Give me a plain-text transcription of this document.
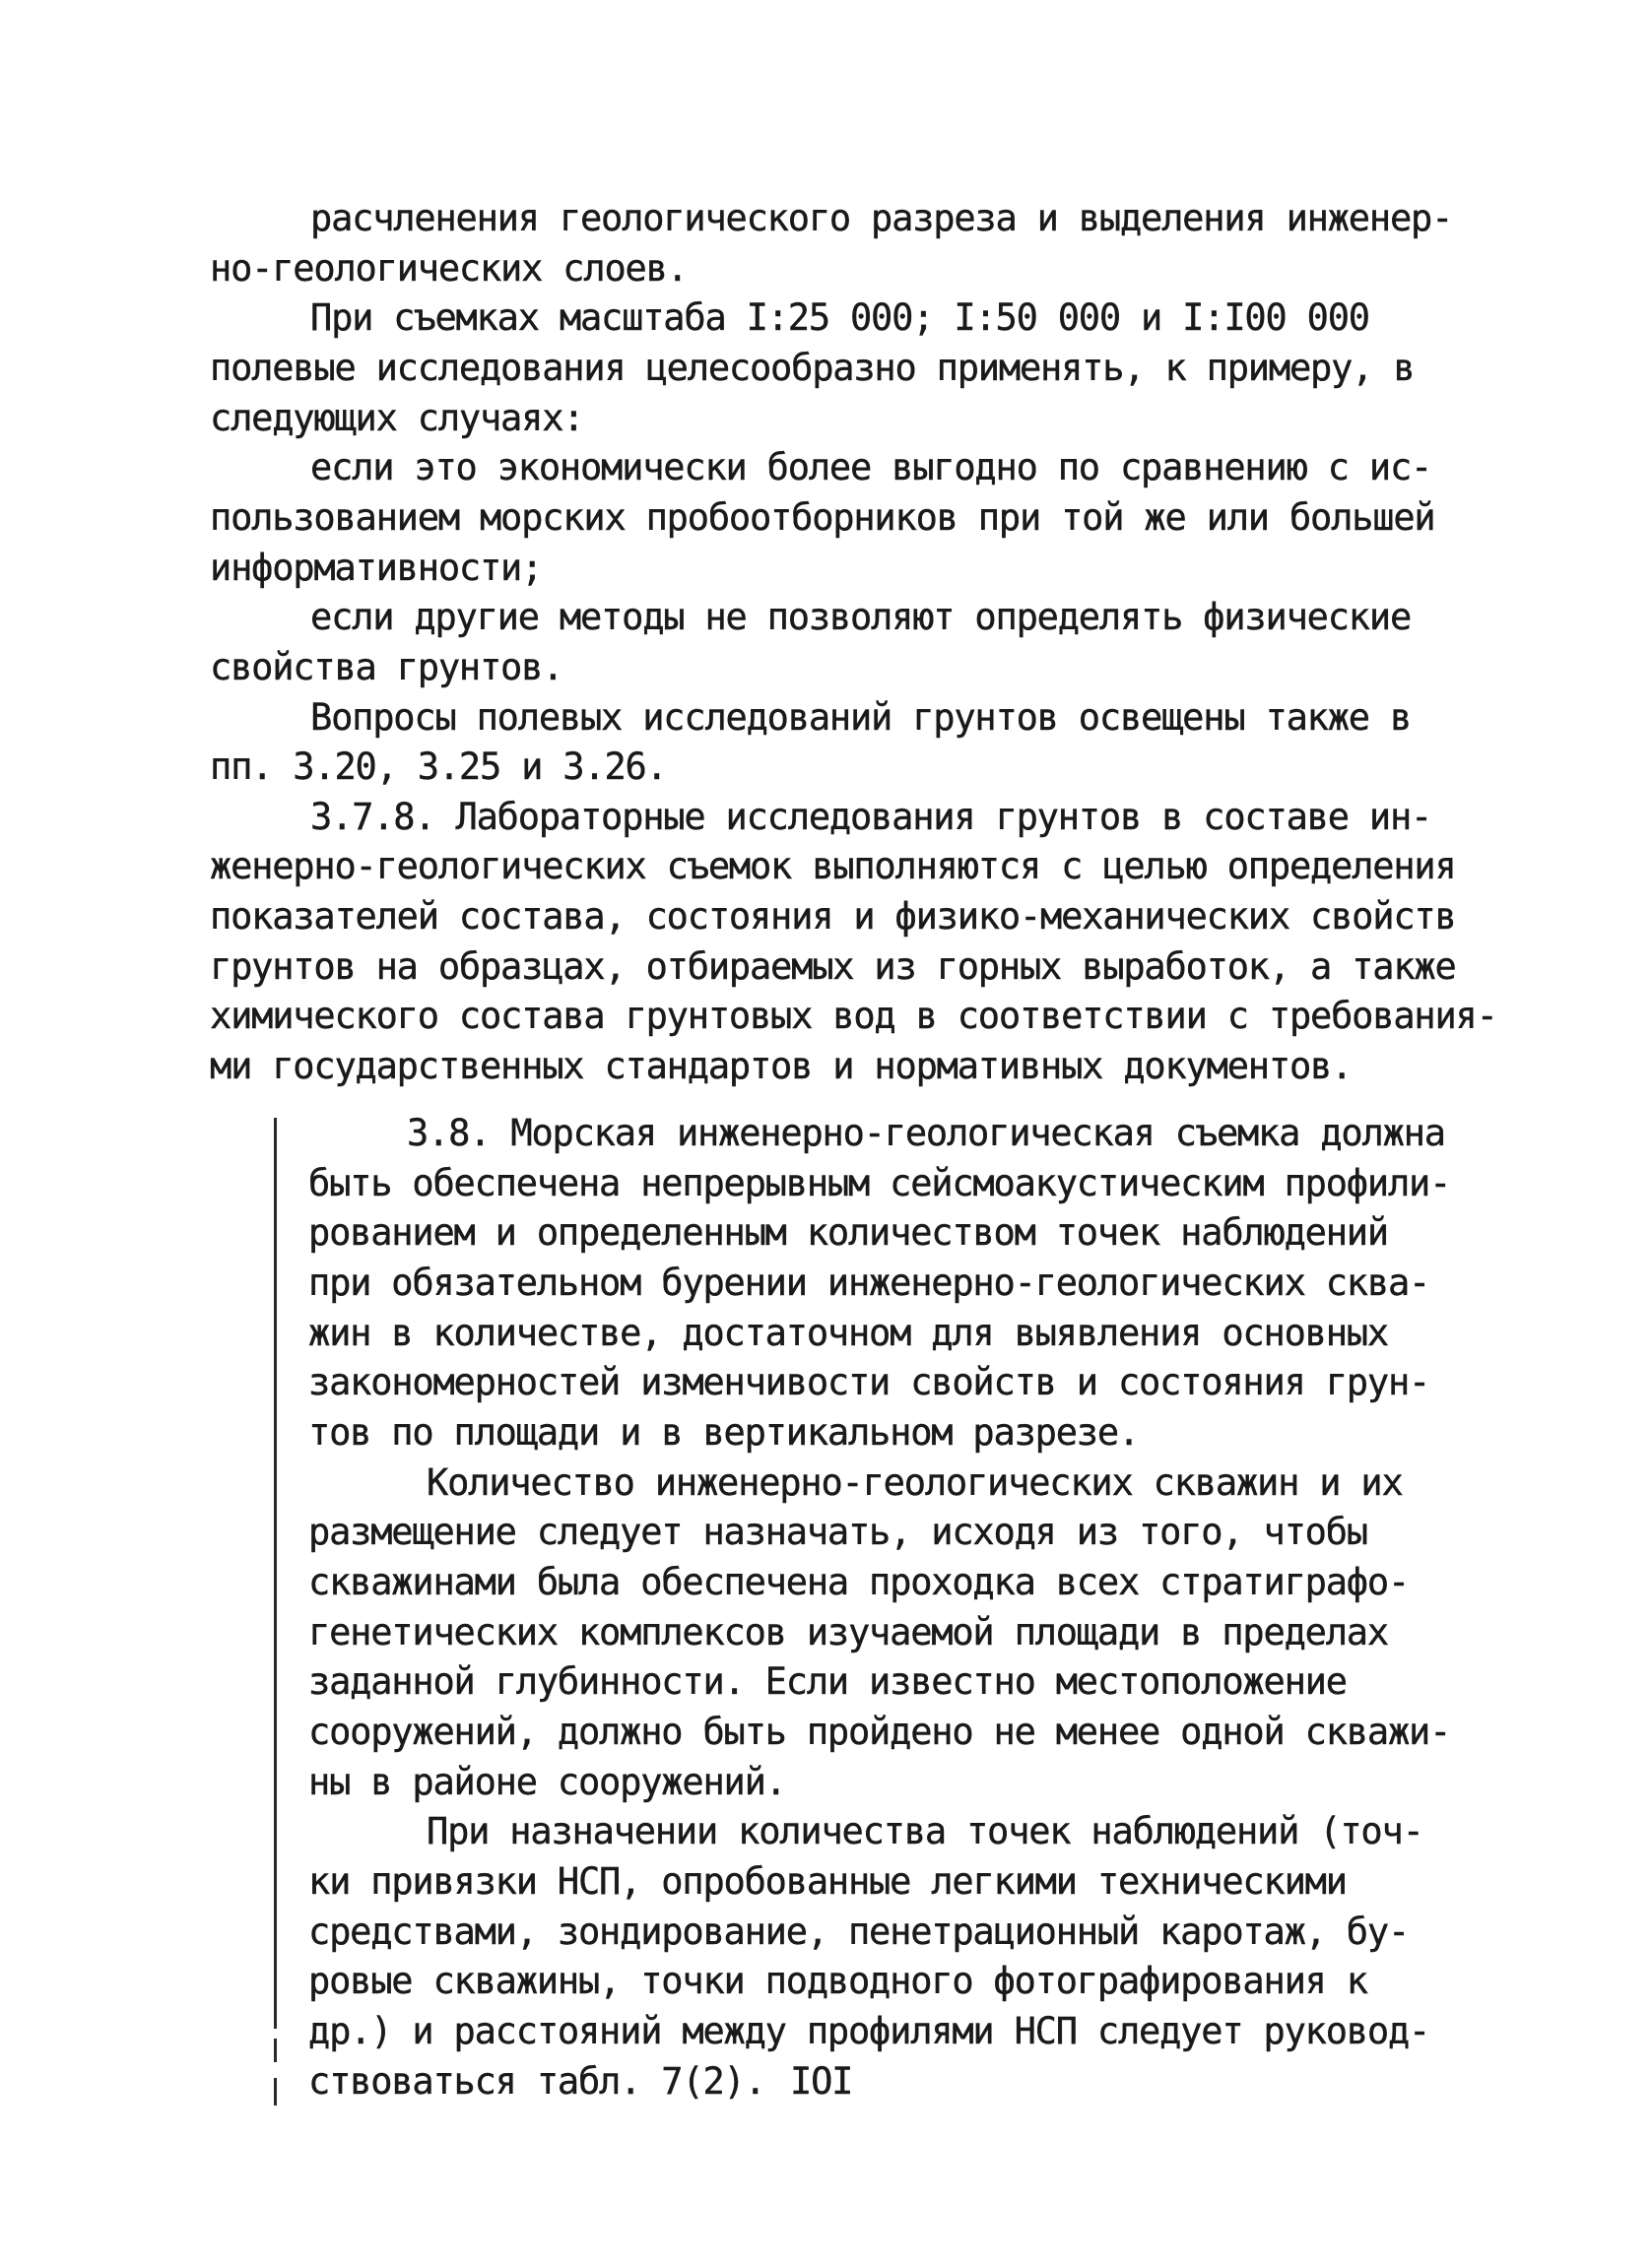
расчленения геологического разреза и выделения инженер-
но-геологических слоев.
При съемках масштаба I:25 000; I:50 000 и I:I00 000
полевые исследования целесообразно применять, к примеру, в
следующих случаях:
если это экономически более выгодно по сравнению с ис-
пользованием морских пробоотборников при той же или большей
информативности;
если другие методы не позволяют определять физические
свойства грунтов.
Вопросы полевых исследований грунтов освещены также в
пп. 3.20, 3.25 и 3.26.
3.7.8. Лабораторные исследования грунтов в составе ин-
женерно-геологических съемок выполняются с целью определения
показателей состава, состояния и физико-механических свойств
грунтов на образцах, отбираемых из горных выработок, а также
химического состава грунтовых вод в соответствии с требования-
ми государственных стандартов и нормативных документов.
3.8. Морская инженерно-геологическая съемка должна
быть обеспечена непрерывным сейсмоакустическим профили-
рованием и определенным количеством точек наблюдений
при обязательном бурении инженерно-геологических сква-
жин в количестве, достаточном для выявления основных
закономерностей изменчивости свойств и состояния грун-
тов по площади и в вертикальном разрезе.
Количество инженерно-геологических скважин и их
размещение следует назначать, исходя из того, чтобы
скважинами была обеспечена проходка всех стратиграфо-
генетических комплексов изучаемой площади в пределах
заданной глубинности. Если известно местоположение
сооружений, должно быть пройдено не менее одной скважи-
ны в районе сооружений.
При назначении количества точек наблюдений (точ-
ки привязки НСП, опробованные легкими техническими
средствами, зондирование, пенетрационный каротаж, бу-
ровые скважины, точки подводного фотографирования к
др.) и расстояний между профилями НСП следует руковод-
ствоваться табл. 7(2). IOI
